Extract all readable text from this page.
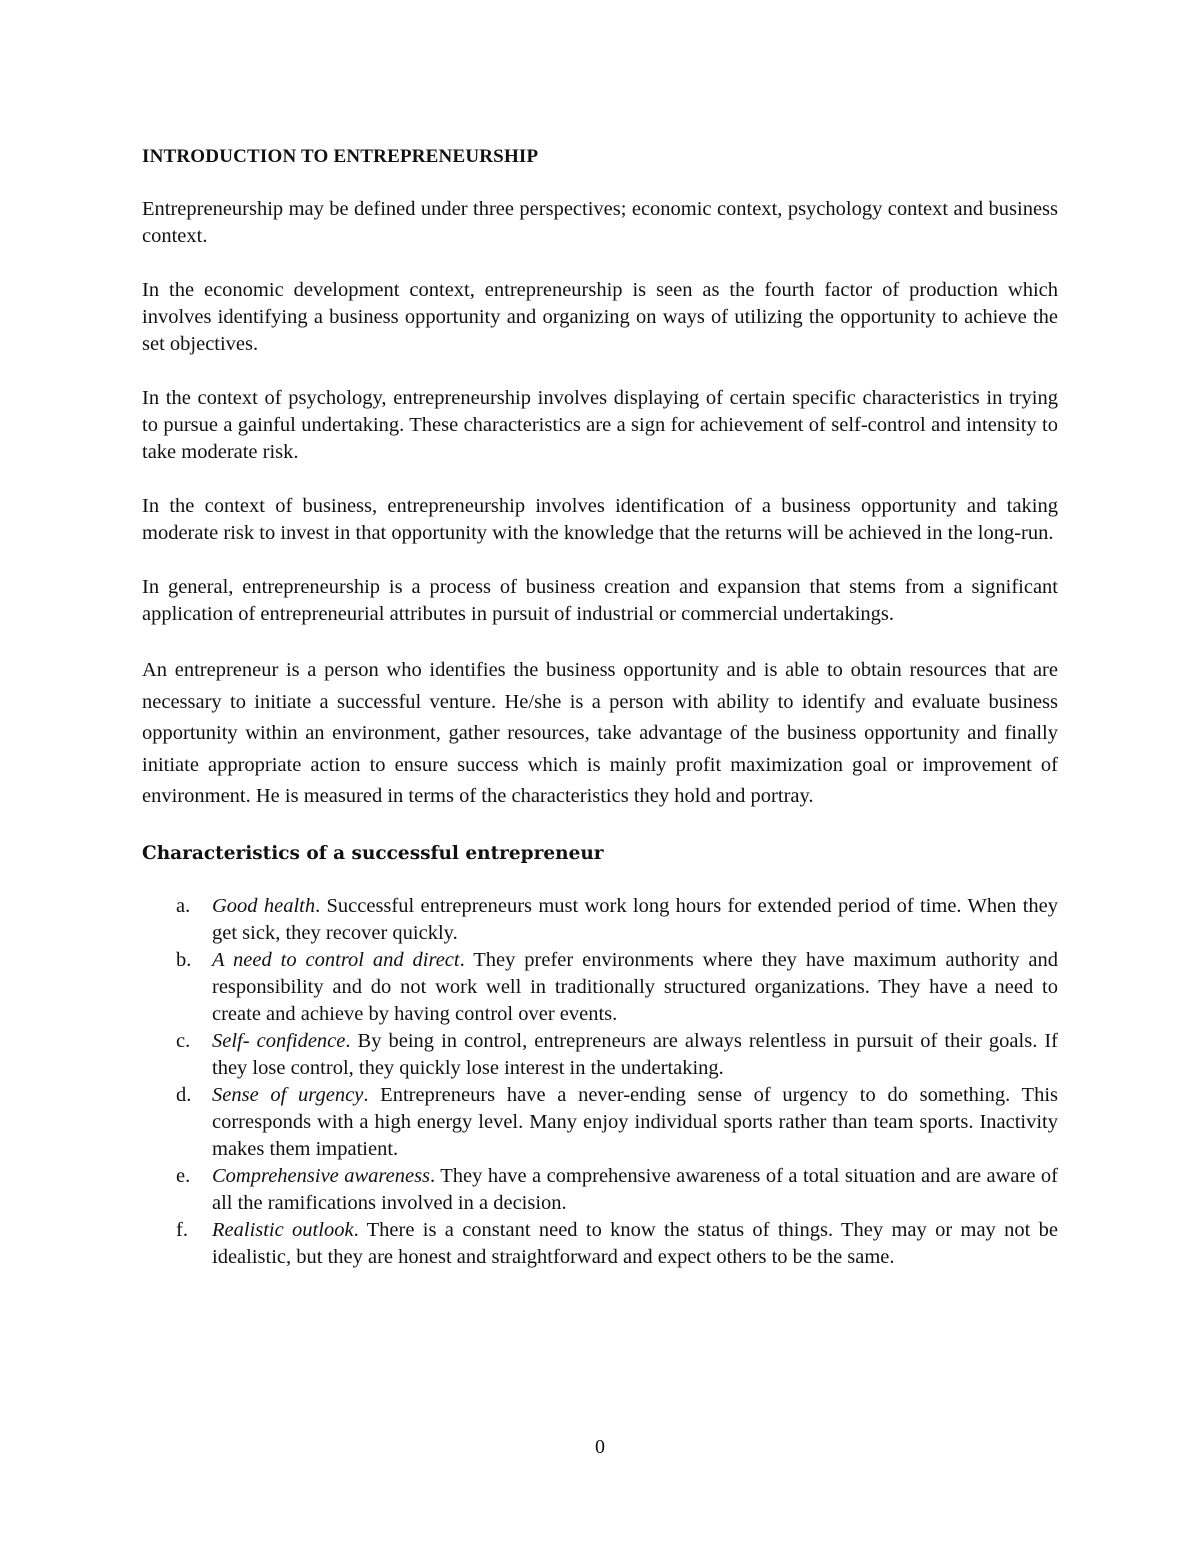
INTRODUCTION TO ENTREPRENEURSHIP

Entrepreneurship may be defined under three perspectives; economic context, psychology context and business context.

In the economic development context, entrepreneurship is seen as the fourth factor of production which involves identifying a business opportunity and organizing on ways of utilizing the opportunity to achieve the set objectives.

In the context of psychology, entrepreneurship involves displaying of certain specific characteristics in trying to pursue a gainful undertaking. These characteristics are a sign for achievement of self-control and intensity to take moderate risk.

In the context of business, entrepreneurship involves identification of a business opportunity and taking moderate risk to invest in that opportunity with the knowledge that the returns will be achieved in the long-run.

In general, entrepreneurship is a process of business creation and expansion that stems from a significant application of entrepreneurial attributes in pursuit of industrial or commercial undertakings.

An entrepreneur is a person who identifies the business opportunity and is able to obtain resources that are necessary to initiate a successful venture. He/she is a person with ability to identify and evaluate business opportunity within an environment, gather resources, take advantage of the business opportunity and finally initiate appropriate action to ensure success which is mainly profit maximization goal or improvement of environment. He is measured in terms of the characteristics they hold and portray.

Characteristics of a successful entrepreneur
a. Good health. Successful entrepreneurs must work long hours for extended period of time. When they get sick, they recover quickly.
b. A need to control and direct. They prefer environments where they have maximum authority and responsibility and do not work well in traditionally structured organizations. They have a need to create and achieve by having control over events.
c. Self- confidence. By being in control, entrepreneurs are always relentless in pursuit of their goals. If they lose control, they quickly lose interest in the undertaking.
d. Sense of urgency. Entrepreneurs have a never-ending sense of urgency to do something. This corresponds with a high energy level. Many enjoy individual sports rather than team sports. Inactivity makes them impatient.
e. Comprehensive awareness. They have a comprehensive awareness of a total situation and are aware of all the ramifications involved in a decision.
f. Realistic outlook. There is a constant need to know the status of things. They may or may not be idealistic, but they are honest and straightforward and expect others to be the same.
0
